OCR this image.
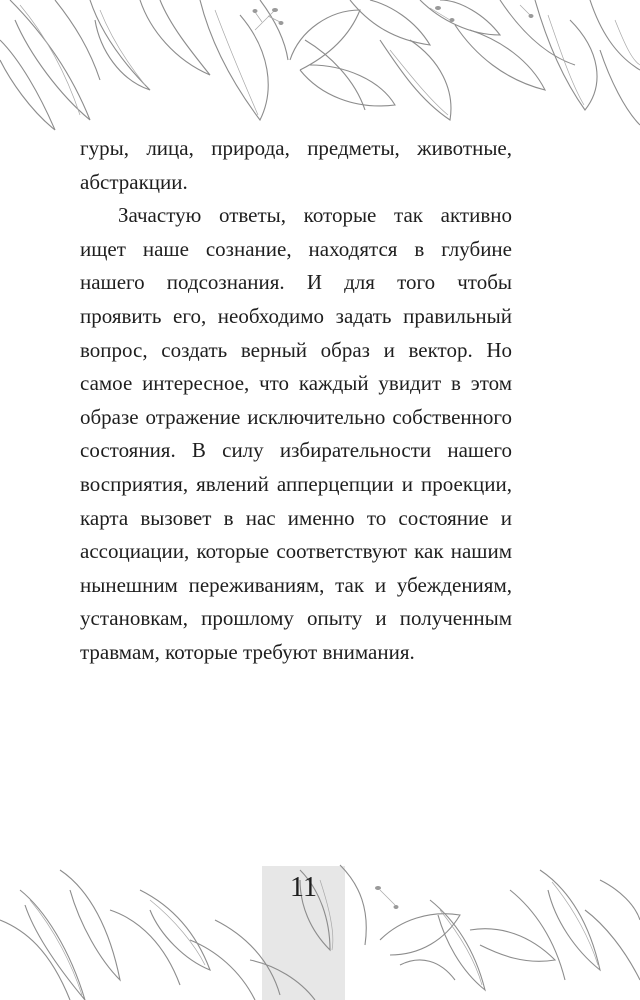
гуры, лица, природа, предметы, животные, абстракции.

Зачастую ответы, которые так активно ищет наше сознание, находятся в глубине нашего подсознания. И для того чтобы проявить его, необходимо задать правильный вопрос, создать верный образ и вектор. Но самое интересное, что каждый увидит в этом образе отражение исключительно собственного состояния. В силу избирательности нашего восприятия, явлений апперцепции и проекции, карта вызовет в нас именно то состояние и ассоциации, которые соответствуют как нашим нынешним переживаниям, так и убеждениям, установкам, прошлому опыту и полученным травмам, которые требуют внимания.

11
